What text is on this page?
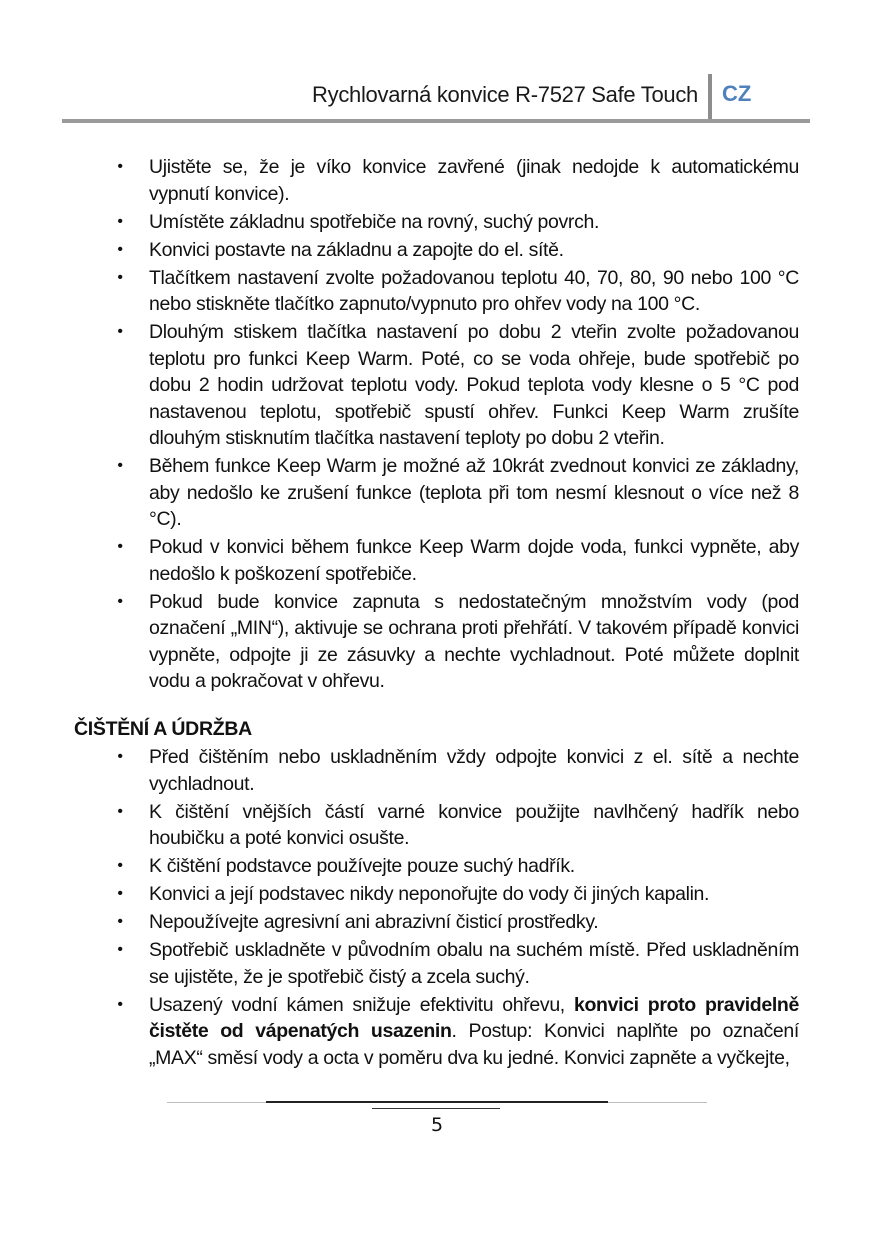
Rychlovarná konvice R-7527 Safe Touch CZ
•	Ujistěte se, že je víko konvice zavřené (jinak nedojde k automatickému vypnutí konvice).
•	Umístěte základnu spotřebiče na rovný, suchý povrch.
•	Konvici postavte na základnu a zapojte do el. sítě.
•	Tlačítkem nastavení zvolte požadovanou teplotu 40, 70, 80, 90 nebo 100 °C nebo stiskněte tlačítko zapnuto/vypnuto pro ohřev vody na 100 °C.
•	Dlouhým stiskem tlačítka nastavení po dobu 2 vteřin zvolte požadovanou teplotu pro funkci Keep Warm. Poté, co se voda ohřeje, bude spotřebič po dobu 2 hodin udržovat teplotu vody. Pokud teplota vody klesne o 5 °C pod nastavenou teplotu, spotřebič spustí ohřev. Funkci Keep Warm zrušíte dlouhým stisknutím tlačítka nastavení teploty po dobu 2 vteřin.
•	Během funkce Keep Warm je možné až 10krát zvednout konvici ze základny, aby nedošlo ke zrušení funkce (teplota při tom nesmí klesnout o více než 8 °C).
•	Pokud v konvici během funkce Keep Warm dojde voda, funkci vypněte, aby nedošlo k poškození spotřebiče.
•	Pokud bude konvice zapnuta s nedostatečným množstvím vody (pod označení „MIN“), aktivuje se ochrana proti přehřátí. V takovém případě konvici vypněte, odpojte ji ze zásuvky a nechte vychladnout. Poté můžete doplnit vodu a pokračovat v ohřevu.
ČIŠTĚNÍ A ÚDRŽBA
•	Před čištěním nebo uskladněním vždy odpojte konvici z el. sítě a nechte vychladnout.
•	K čištění vnějších částí varné konvice použijte navlhčený hadřík nebo houbičku a poté konvici osušte.
•	K čištění podstavce používejte pouze suchý hadřík.
•	Konvici a její podstavec nikdy neponořujte do vody či jiných kapalin.
•	Nepoužívejte agresivní ani abrazivní čisticí prostředky.
•	Spotřebič uskladněte v původním obalu na suchém místě. Před uskladněním se ujistěte, že je spotřebič čistý a zcela suchý.
•	Usazený vodní kámen snižuje efektivitu ohřevu, konvici proto pravidelně čistěte od vápenatých usazenin. Postup: Konvici naplňte po označení „MAX“ směsí vody a octa v poměru dva ku jedné. Konvici zapněte a vyčkejte,
5
